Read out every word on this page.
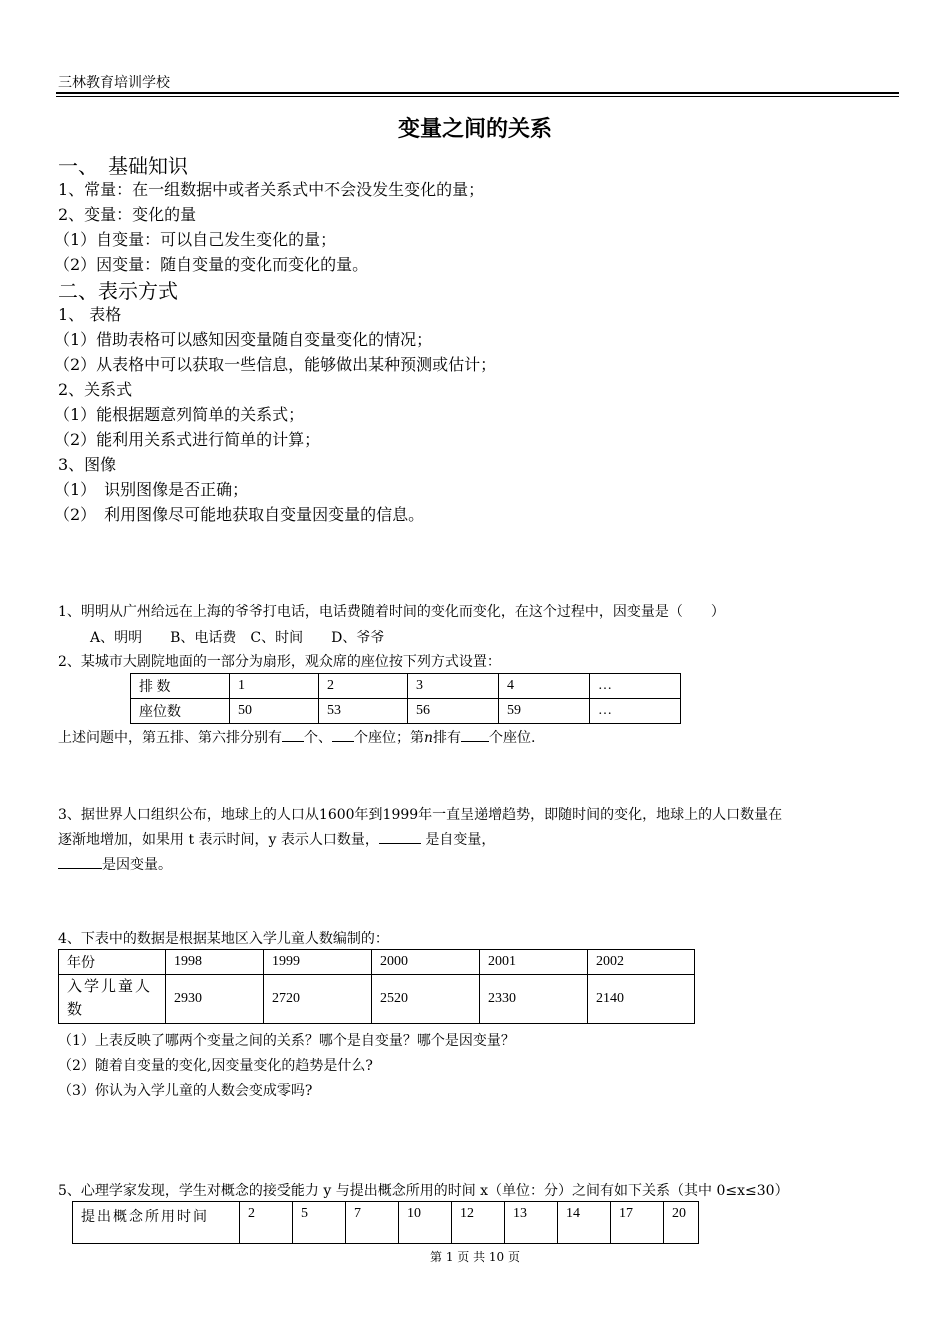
三林教育培训学校
变量之间的关系
一、　基础知识
1、常量：在一组数据中或者关系式中不会没发生变化的量；
2、变量：变化的量
（1）自变量：可以自己发生变化的量；
（2）因变量：随自变量的变化而变化的量。
二、表示方式
1、 表格
（1）借助表格可以感知因变量随自变量变化的情况；
（2）从表格中可以获取一些信息，能够做出某种预测或估计；
2、关系式
（1）能根据题意列简单的关系式；
（2）能利用关系式进行简单的计算；
3、图像
（1）　识别图像是否正确；
（2）　利用图像尽可能地获取自变量因变量的信息。
1、明明从广州给远在上海的爷爷打电话，电话费随着时间的变化而变化，在这个过程中，因变量是（　　）
A、明明　　B、电话费　C、时间　　D、爷爷
2、某城市大剧院地面的一部分为扇形，观众席的座位按下列方式设置：
排 数	1	2	3	4	…
座位数	50	53	56	59	…
上述问题中，第五排、第六排分别有 个、 个座位；第n排有 个座位.
3、据世界人口组织公布，地球上的人口从1600年到1999年一直呈递增趋势，即随时间的变化，地球上的人口数量在
逐渐地增加，如果用 t 表示时间，y 表示人口数量，	是自变量，
是因变量。
4、下表中的数据是根据某地区入学儿童人数编制的：
年份	1998	1999	2000	2001	2002
入学儿童人数	2930	2720	2520	2330	2140
（1）上表反映了哪两个变量之间的关系？哪个是自变量？哪个是因变量？
（2）随着自变量的变化,因变量变化的趋势是什么?
（3）你认为入学儿童的人数会变成零吗?
5、心理学家发现，学生对概念的接受能力 y 与提出概念所用的时间 x（单位：分）之间有如下关系（其中 0≤x≤30）
提出概念所用时间	2	5	7	10	12	13	14	17	20
第 1 页 共 10 页
